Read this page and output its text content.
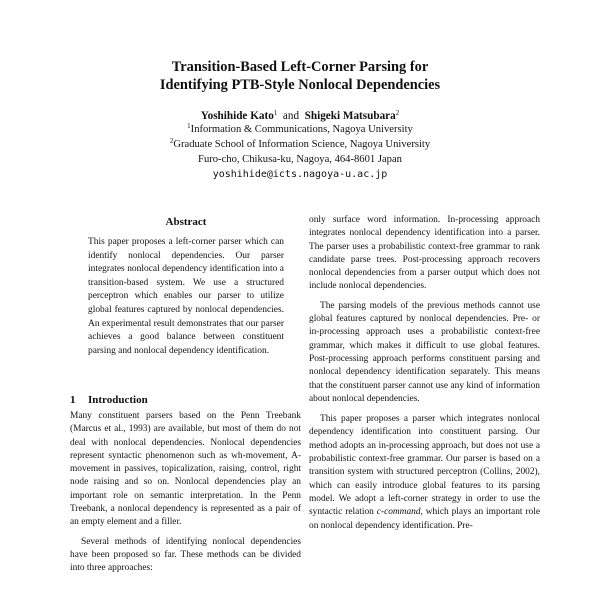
Transition-Based Left-Corner Parsing for
Identifying PTB-Style Nonlocal Dependencies
Yoshihide Kato$^1$ and Shigeki Matsubara$^2$
$^1$Information & Communications, Nagoya University
$^2$Graduate School of Information Science, Nagoya University
Furo-cho, Chikusa-ku, Nagoya, 464-8601 Japan
yoshihide@icts.nagoya-u.ac.jp
Abstract
This paper proposes a left-corner parser which can identify nonlocal dependencies. Our parser integrates nonlocal dependency identification into a transition-based system. We use a structured perceptron which enables our parser to utilize global features captured by nonlocal dependencies. An experimental result demonstrates that our parser achieves a good balance between constituent parsing and nonlocal dependency identification.
1 Introduction

Many constituent parsers based on the Penn Treebank (Marcus et al., 1993) are available, but most of them do not deal with nonlocal dependencies. Nonlocal dependencies represent syntactic phenomenon such as wh-movement, A-movement in passives, topicalization, raising, control, right node raising and so on. Nonlocal dependencies play an important role on semantic interpretation. In the Penn Treebank, a nonlocal dependency is represented as a pair of an empty element and a filler.

Several methods of identifying nonlocal dependencies have been proposed so far. These methods can be divided into three approaches:

only surface word information. In-processing approach integrates nonlocal dependency identification into a parser. The parser uses a probabilistic context-free grammar to rank candidate parse trees. Post-processing approach recovers nonlocal dependencies from a parser output which does not include nonlocal dependencies.

The parsing models of the previous methods cannot use global features captured by nonlocal dependencies. Pre- or in-processing approach uses a probabilistic context-free grammar, which makes it difficult to use global features. Post-processing approach performs constituent parsing and nonlocal dependency identification separately. This means that the constituent parser cannot use any kind of information about nonlocal dependencies.

This paper proposes a parser which integrates nonlocal dependency identification into constituent parsing. Our method adopts an in-processing approach, but does not use a probabilistic context-free grammar. Our parser is based on a transition system with structured perceptron (Collins, 2002), which can easily introduce global features to its parsing model. We adopt a left-corner strategy in order to use the syntactic relation c-command, which plays an important role on nonlocal dependency identification. Pre-
